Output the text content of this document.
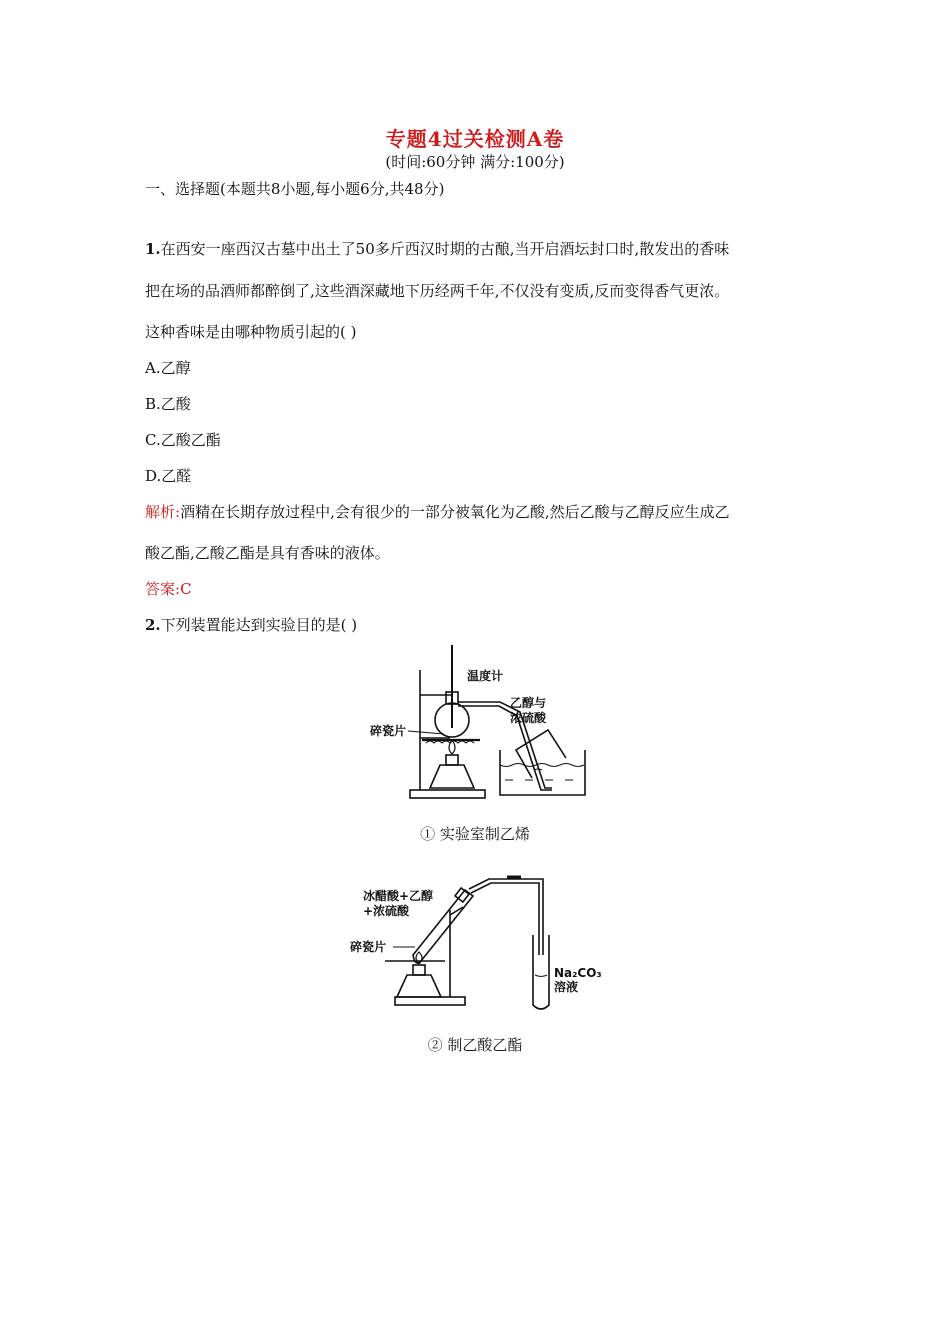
专题4过关检测A卷
(时间:60分钟 满分:100分)
一、选择题(本题共8小题,每小题6分,共48分)
1.在西安一座西汉古墓中出土了50多斤西汉时期的古酿,当开启酒坛封口时,散发出的香味
把在场的品酒师都醉倒了,这些酒深藏地下历经两千年,不仅没有变质,反而变得香气更浓。
这种香味是由哪种物质引起的( )
A.乙醇
B.乙酸
C.乙酸乙酯
D.乙醛
解析:酒精在长期存放过程中,会有很少的一部分被氧化为乙酸,然后乙酸与乙醇反应生成乙
酸乙酯,乙酸乙酯是具有香味的液体。
答案:C
2.下列装置能达到实验目的是( )
温度计
乙醇与
浓硫酸
碎瓷片
① 实验室制乙烯
冰醋酸+乙醇
+浓硫酸
碎瓷片
Na₂CO₃
溶液
② 制乙酸乙酯
